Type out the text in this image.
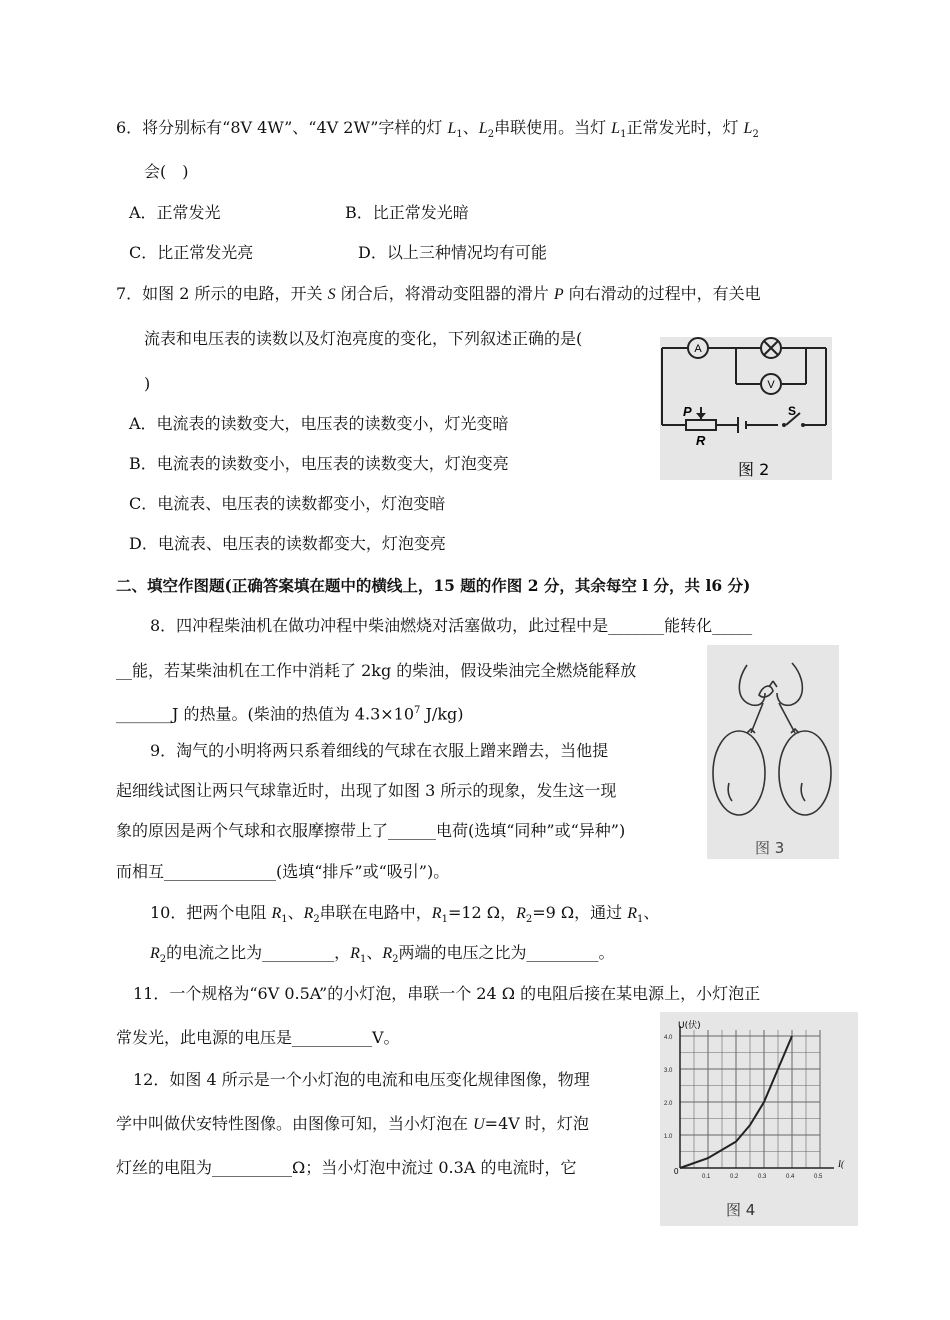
6．将分别标有“8V 4W”、“4V 2W”字样的灯 $L_1$、$L_2$串联使用。当灯 $L_1$正常发光时，灯 $L_2$
会(　)
A．正常发光	B．比正常发光暗
C．比正常发光亮	D．以上三种情况均有可能
7．如图 2 所示的电路，开关 S 闭合后，将滑动变阻器的滑片 P 向右滑动的过程中，有关电
流表和电压表的读数以及灯泡亮度的变化，下列叙述正确的是(
)
A．电流表的读数变大，电压表的读数变小，灯光变暗
B．电流表的读数变小，电压表的读数变大，灯泡变亮
C．电流表、电压表的读数都变小，灯泡变暗
D．电流表、电压表的读数都变大，灯泡变亮
A
V
P
R
S
图 2
二、填空作图题(正确答案填在题中的横线上，15 题的作图 2 分，其余每空 l 分，共 l6 分)
8．四冲程柴油机在做功冲程中柴油燃烧对活塞做功，此过程中是_______能转化_____
__能，若某柴油机在工作中消耗了 2kg 的柴油，假设柴油完全燃烧能释放
_______J 的热量。(柴油的热值为 $4.3\times 10^7$ J/kg)
图 3
9．淘气的小明将两只系着细线的气球在衣服上蹭来蹭去，当他提
起细线试图让两只气球靠近时，出现了如图 3 所示的现象，发生这一现
象的原因是两个气球和衣服摩擦带上了______电荷(选填“同种”或“异种”)
而相互______________(选填“排斥”或“吸引”)。
10．把两个电阻 $R_1$、$R_2$串联在电路中，$R_1=12$ Ω，$R_2=9$ Ω，通过 $R_1$、
$R_2$的电流之比为_________，$R_1$、$R_2$两端的电压之比为_________。
11．一个规格为“6V 0.5A”的小灯泡，串联一个 24 Ω 的电阻后接在某电源上，小灯泡正
常发光，此电源的电压是__________V。	4.0
3.0
2.0
1.0
0.1	0.2	0.3	0.4	0.5
U(伏)
I(
0
图 4
12．如图 4 所示是一个小灯泡的电流和电压变化规律图像，物理
学中叫做伏安特性图像。由图像可知，当小灯泡在 U=4V 时，灯泡
灯丝的电阻为__________Ω；当小灯泡中流过 0.3A 的电流时，它
